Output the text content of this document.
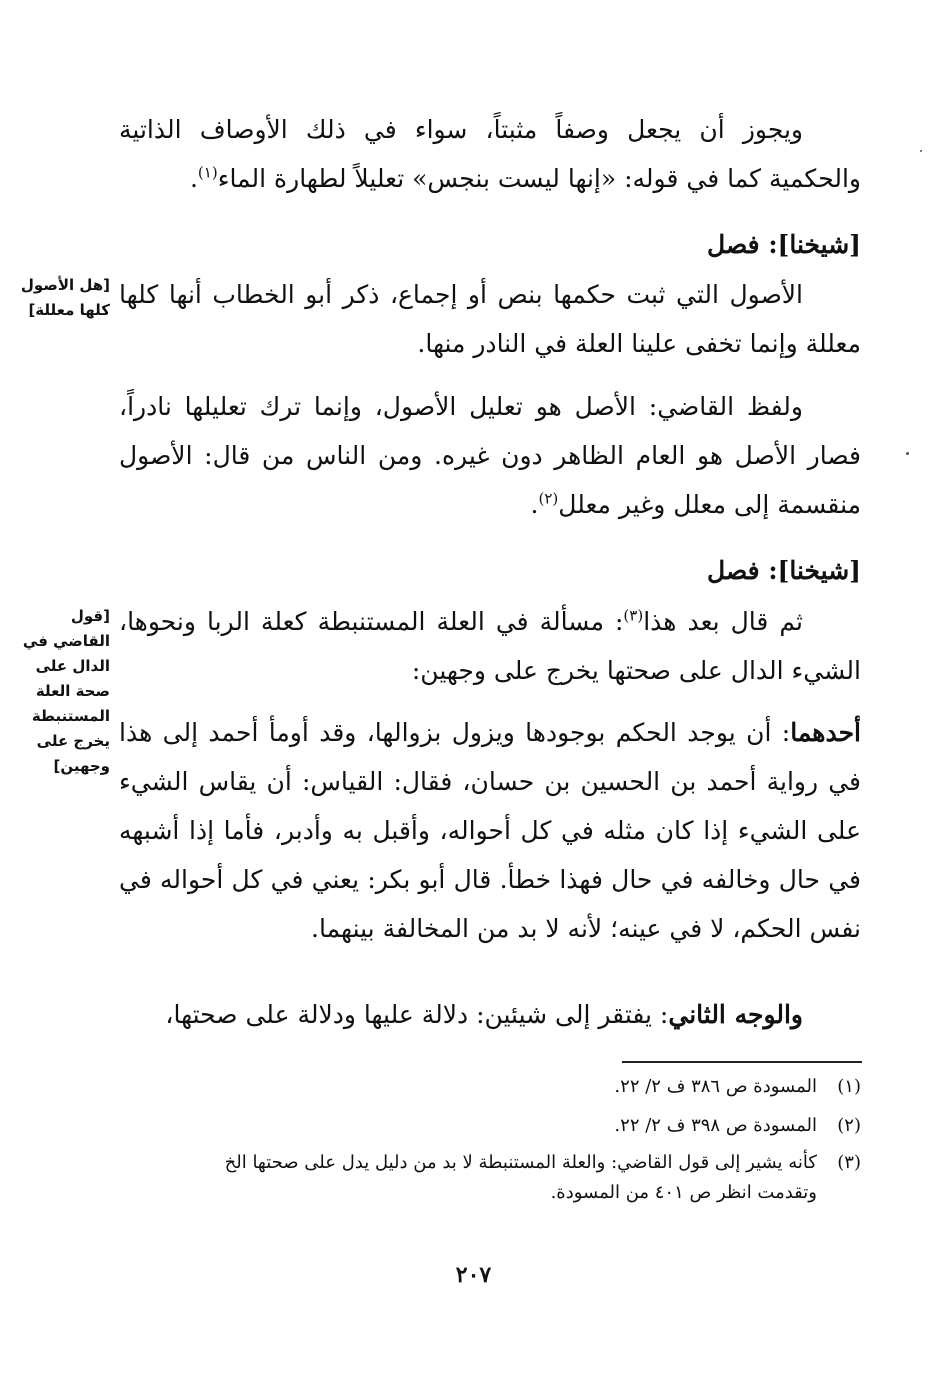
ويجوز أن يجعل وصفاً مثبتاً، سواء في ذلك الأوصاف الذاتية والحكمية كما في قوله: «إنها ليست بنجس» تعليلاً لطهارة الماء$^{(١)}$.

[شيخنا]: فصل

[هل الأصول كلها معللة]

الأصول التي ثبت حكمها بنص أو إجماع، ذكر أبو الخطاب أنها كلها معللة وإنما تخفى علينا العلة في النادر منها.

ولفظ القاضي: الأصل هو تعليل الأصول، وإنما ترك تعليلها نادراً، فصار الأصل هو العام الظاهر دون غيره. ومن الناس من قال: الأصول منقسمة إلى معلل وغير معلل$^{(٢)}$.

[شيخنا]: فصل

[قول القاضي في الدال على صحة العلة المستنبطة يخرج على وجهين]

ثم قال بعد هذا$^{(٣)}$: مسألة في العلة المستنبطة كعلة الربا ونحوها، الشيء الدال على صحتها يخرج على وجهين:

أحدهما: أن يوجد الحكم بوجودها ويزول بزوالها، وقد أومأ أحمد إلى هذا في رواية أحمد بن الحسين بن حسان، فقال: القياس: أن يقاس الشيء على الشيء إذا كان مثله في كل أحواله، وأقبل به وأدبر، فأما إذا أشبهه في حال وخالفه في حال فهذا خطأ. قال أبو بكر: يعني في كل أحواله في نفس الحكم، لا في عينه؛ لأنه لا بد من المخالفة بينهما.

والوجه الثاني: يفتقر إلى شيئين: دلالة عليها ودلالة على صحتها،

(١)المسودة ص ٣٨٦ ف ٢/ ٢٢.
(٢)المسودة ص ٣٩٨ ف ٢/ ٢٢.
(٣)كأنه يشير إلى قول القاضي: والعلة المستنبطة لا بد من دليل يدل على صحتها الخ
وتقدمت انظر ص ٤٠١ من المسودة.
٢٠٧
